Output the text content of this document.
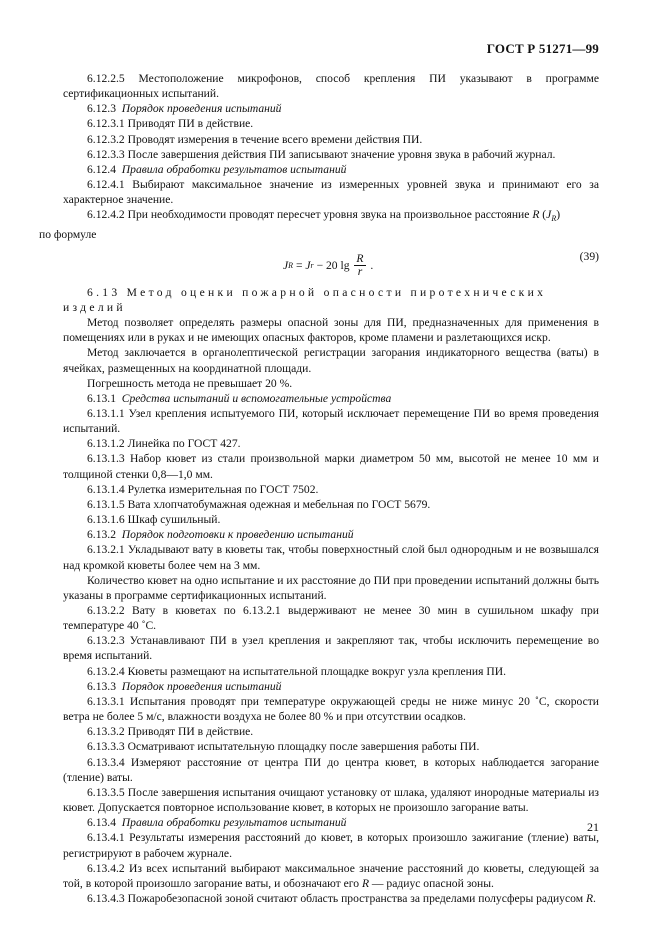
ГОСТ Р 51271—99

6.12.2.5 Местоположение микрофонов, способ крепления ПИ указывают в программе сертификационных испытаний.

6.12.3 Порядок проведения испытаний

6.12.3.1 Приводят ПИ в действие.

6.12.3.2 Проводят измерения в течение всего времени действия ПИ.

6.12.3.3 После завершения действия ПИ записывают значение уровня звука в рабочий журнал.

6.12.4 Правила обработки результатов испытаний

6.12.4.1 Выбирают максимальное значение из измеренных уровней звука и принимают его за характерное значение.

6.12.4.2 При необходимости проводят пересчет уровня звука на произвольное расстояние R $(J_R)$
по формуле

J R = J r − 20 $\lg \frac{R}{r}$ .
(39)

6.13 Метод оценки пожарной опасности пиротехнических изделий

Метод позволяет определять размеры опасной зоны для ПИ, предназначенных для применения в помещениях или в руках и не имеющих опасных факторов, кроме пламени и разлетающихся искр.

Метод заключается в органолептической регистрации загорания индикаторного вещества (ваты) в ячейках, размещенных на координатной площади.

Погрешность метода не превышает 20 %.

6.13.1 Средства испытаний и вспомогательные устройства

6.13.1.1 Узел крепления испытуемого ПИ, который исключает перемещение ПИ во время проведения испытаний.

6.13.1.2 Линейка по ГОСТ 427.

6.13.1.3 Набор кювет из стали произвольной марки диаметром 50 мм, высотой не менее 10 мм и толщиной стенки 0,8—1,0 мм.

6.13.1.4 Рулетка измерительная по ГОСТ 7502.

6.13.1.5 Вата хлопчатобумажная одежная и мебельная по ГОСТ 5679.

6.13.1.6 Шкаф сушильный.

6.13.2 Порядок подготовки к проведению испытаний

6.13.2.1 Укладывают вату в кюветы так, чтобы поверхностный слой был однородным и не возвышался над кромкой кюветы более чем на 3 мм.

Количество кювет на одно испытание и их расстояние до ПИ при проведении испытаний должны быть указаны в программе сертификационных испытаний.

6.13.2.2 Вату в кюветах по 6.13.2.1 выдерживают не менее 30 мин в сушильном шкафу при температуре 40 ˚С.

6.13.2.3 Устанавливают ПИ в узел крепления и закрепляют так, чтобы исключить перемещение во время испытаний.

6.13.2.4 Кюветы размещают на испытательной площадке вокруг узла крепления ПИ.

6.13.3 Порядок проведения испытаний

6.13.3.1 Испытания проводят при температуре окружающей среды не ниже минус 20 ˚С, скорости ветра не более 5 м/с, влажности воздуха не более 80 % и при отсутствии осадков.

6.13.3.2 Приводят ПИ в действие.

6.13.3.3 Осматривают испытательную площадку после завершения работы ПИ.

6.13.3.4 Измеряют расстояние от центра ПИ до центра кювет, в которых наблюдается загорание (тление) ваты.

6.13.3.5 После завершения испытания очищают установку от шлака, удаляют инородные материалы из кювет. Допускается повторное использование кювет, в которых не произошло загорание ваты.

6.13.4 Правила обработки результатов испытаний

6.13.4.1 Результаты измерения расстояний до кювет, в которых произошло зажигание (тление) ваты, регистрируют в рабочем журнале.

6.13.4.2 Из всех испытаний выбирают максимальное значение расстояний до кюветы, следующей за той, в которой произошло загорание ваты, и обозначают его R — радиус опасной зоны.

6.13.4.3 Пожаробезопасной зоной считают область пространства за пределами полусферы радиусом R.

21
